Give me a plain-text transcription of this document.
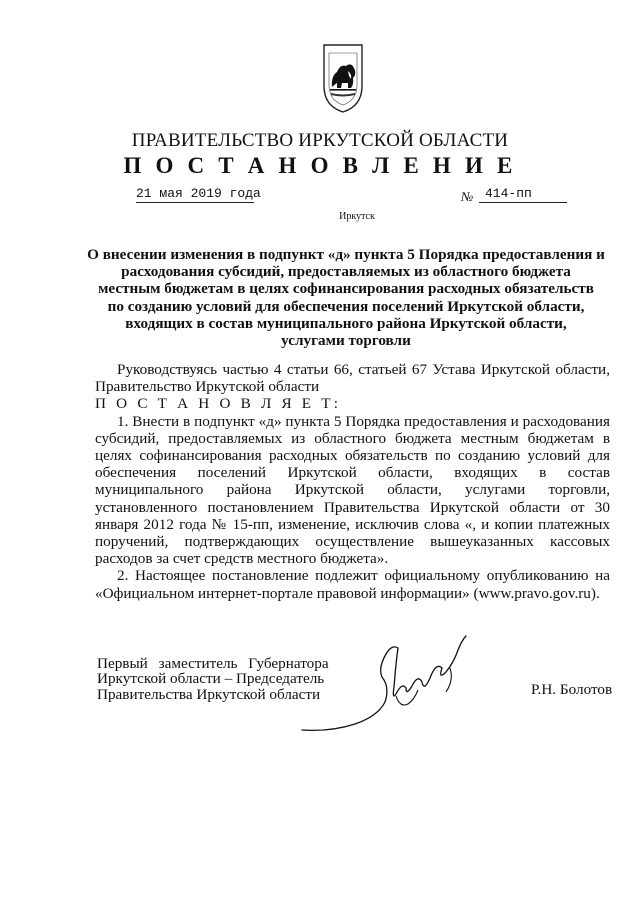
ПРАВИТЕЛЬСТВО ИРКУТСКОЙ ОБЛАСТИ
П О С Т А Н О В Л Е Н И Е
21 мая 2019 года	№ 414-пп
Иркутск
О внесении изменения в подпункт «д» пункта 5 Порядка предоставления и
расходования субсидий, предоставляемых из областного бюджета
местным бюджетам в целях софинансирования расходных обязательств
по созданию условий для обеспечения поселений Иркутской области,
входящих в состав муниципального района Иркутской области,
услугами торговли

Руководствуясь частью 4 статьи 66, статьей 67 Устава Иркутской области, Правительство Иркутской области

П О С Т А Н О В Л Я Е Т:

1. Внести в подпункт «д» пункта 5 Порядка предоставления и расходования субсидий, предоставляемых из областного бюджета местным бюджетам в целях софинансирования расходных обязательств по созданию условий для обеспечения поселений Иркутской области, входящих в состав муниципального района Иркутской области, услугами торговли, установленного постановлением Правительства Иркутской области от 30 января 2012 года № 15-пп, изменение, исключив слова «, и копии платежных поручений, подтверждающих осуществление вышеуказанных кассовых расходов за счет средств местного бюджета».

2. Настоящее постановление подлежит официальному опубликованию на «Официальном интернет-портале правовой информации» (www.pravo.gov.ru).

Первый заместитель Губернатора
Иркутской области – Председатель
Правительства Иркутской области	Р.Н. Болотов
